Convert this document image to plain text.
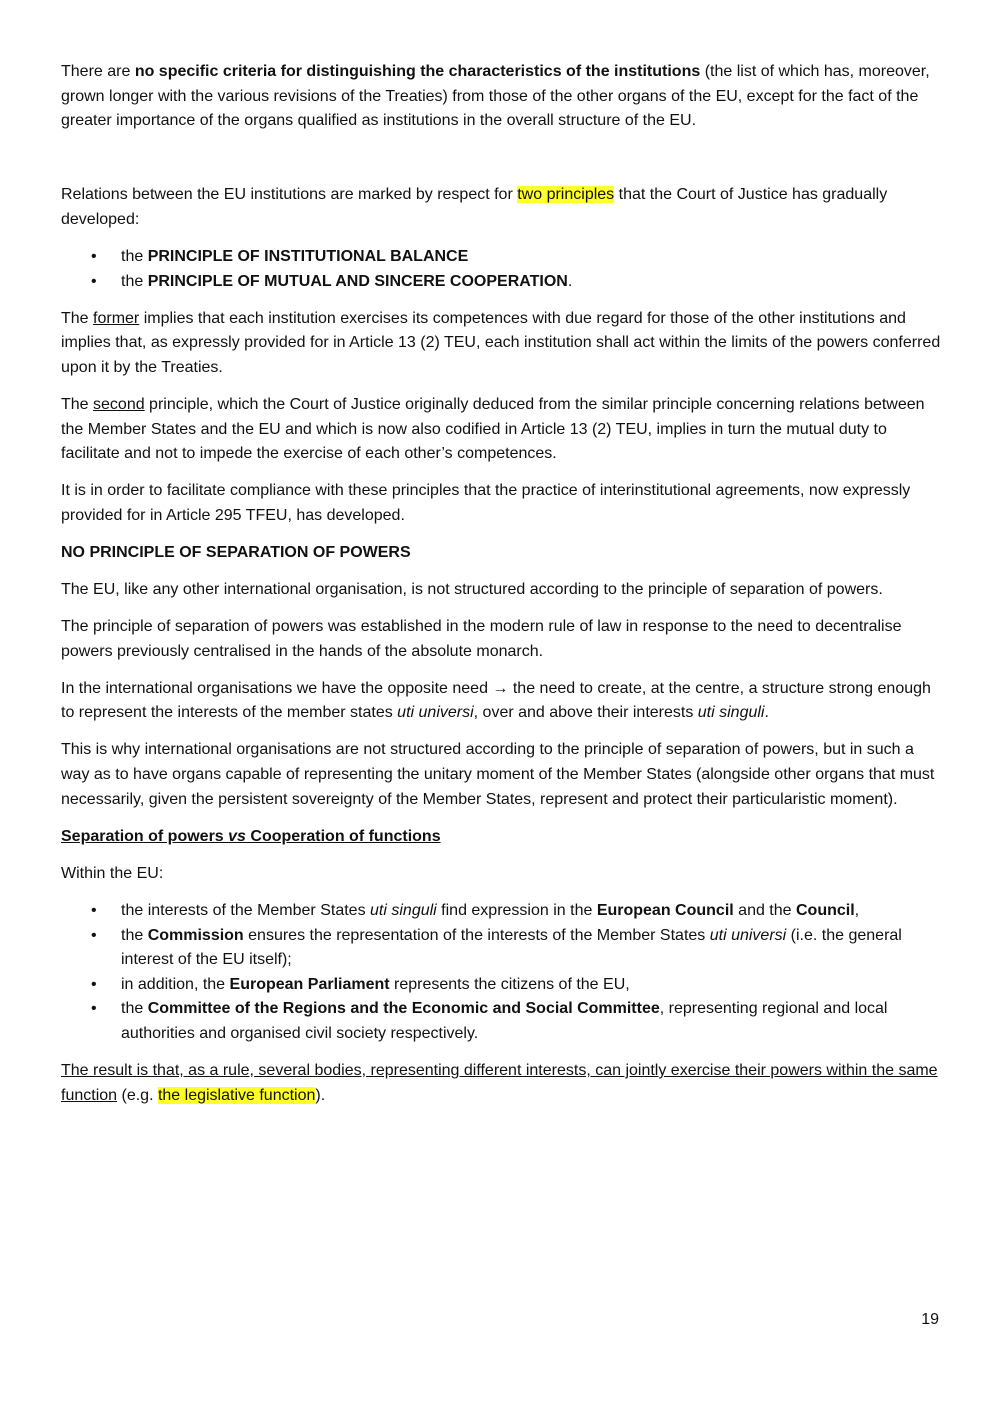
There are no specific criteria for distinguishing the characteristics of the institutions (the list of which has, moreover, grown longer with the various revisions of the Treaties) from those of the other organs of the EU, except for the fact of the greater importance of the organs qualified as institutions in the overall structure of the EU.

Relations between the EU institutions are marked by respect for two principles that the Court of Justice has gradually developed:

• the PRINCIPLE OF INSTITUTIONAL BALANCE
• the PRINCIPLE OF MUTUAL AND SINCERE COOPERATION.

The former implies that each institution exercises its competences with due regard for those of the other institutions and implies that, as expressly provided for in Article 13 (2) TEU, each institution shall act within the limits of the powers conferred upon it by the Treaties.

The second principle, which the Court of Justice originally deduced from the similar principle concerning relations between the Member States and the EU and which is now also codified in Article 13 (2) TEU, implies in turn the mutual duty to facilitate and not to impede the exercise of each other’s competences.

It is in order to facilitate compliance with these principles that the practice of interinstitutional agreements, now expressly provided for in Article 295 TFEU, has developed.

NO PRINCIPLE OF SEPARATION OF POWERS

The EU, like any other international organisation, is not structured according to the principle of separation of powers.

The principle of separation of powers was established in the modern rule of law in response to the need to decentralise powers previously centralised in the hands of the absolute monarch.

In the international organisations we have the opposite need → the need to create, at the centre, a structure strong enough to represent the interests of the member states uti universi, over and above their interests uti singuli.

This is why international organisations are not structured according to the principle of separation of powers, but in such a way as to have organs capable of representing the unitary moment of the Member States (alongside other organs that must necessarily, given the persistent sovereignty of the Member States, represent and protect their particularistic moment).

Separation of powers vs Cooperation of functions

Within the EU:

• the interests of the Member States uti singuli find expression in the European Council and the Council,
• the Commission ensures the representation of the interests of the Member States uti universi (i.e. the general interest of the EU itself);
• in addition, the European Parliament represents the citizens of the EU,
• the Committee of the Regions and the Economic and Social Committee, representing regional and local authorities and organised civil society respectively.

The result is that, as a rule, several bodies, representing different interests, can jointly exercise their powers within the same function (e.g. the legislative function).

19
